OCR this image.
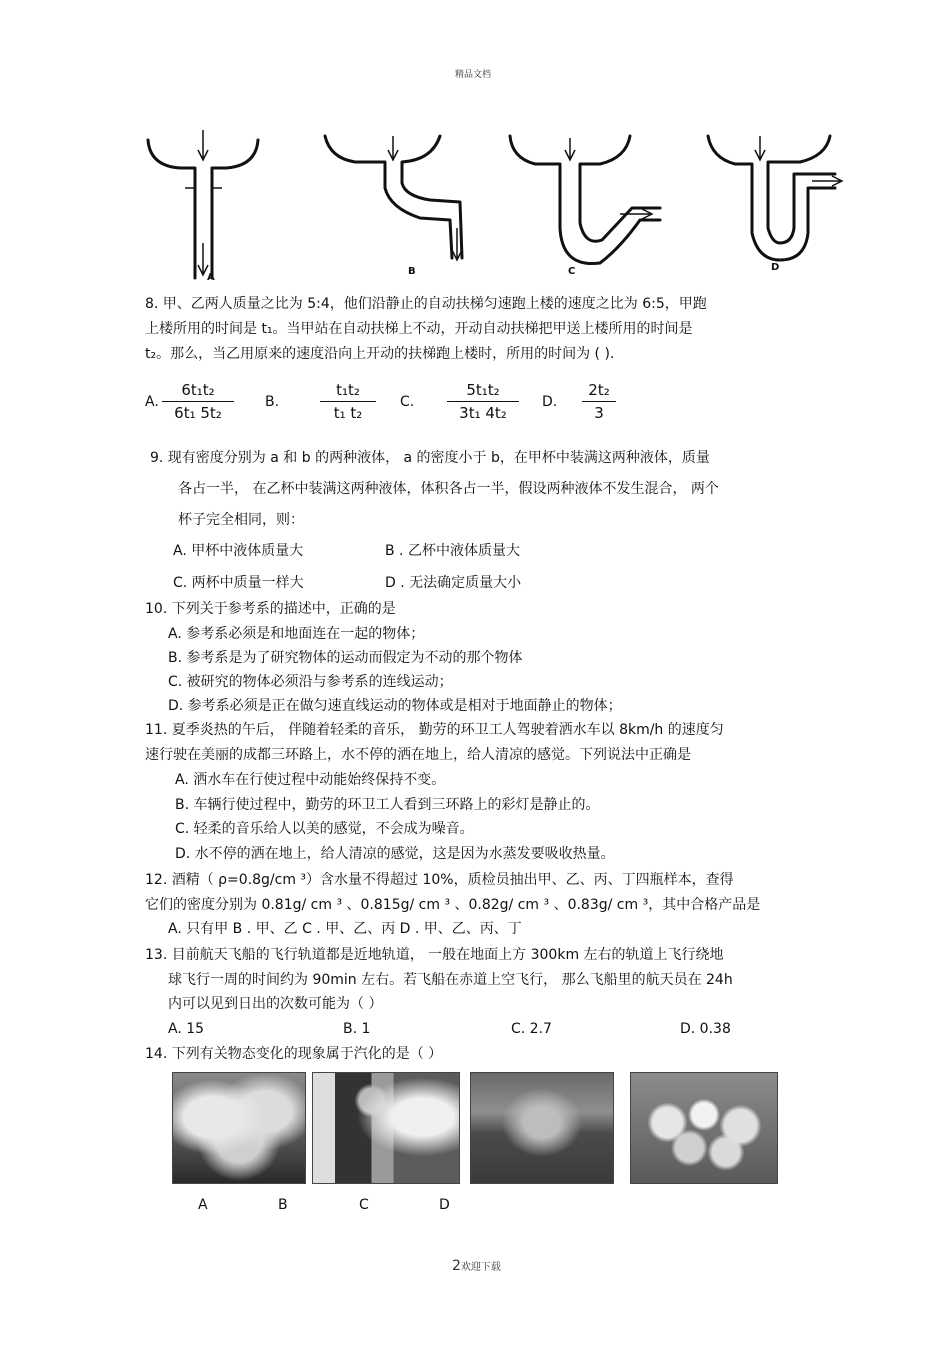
精品文档
A
B	C	D
8. 甲、乙两人质量之比为 5:4，他们沿静止的自动扶梯匀速跑上楼的速度之比为 6:5，甲跑
上楼所用的时间是 t₁。当甲站在自动扶梯上不动，开动自动扶梯把甲送上楼所用的时间是
t₂。那么，当乙用原来的速度沿向上开动的扶梯跑上楼时，所用的时间为 ( ).
A.
6t₁t₂
6t₁ 5t₂
B.
t₁t₂
t₁ t₂
C.
5t₁t₂
3t₁ 4t₂
D.
2t₂
3
9. 现有密度分别为 a 和 b 的两种液体， a 的密度小于 b，在甲杯中装满这两种液体，质量
各占一半， 在乙杯中装满这两种液体，体积各占一半，假设两种液体不发生混合， 两个
杯子完全相同，则：
A. 甲杯中液体质量大	B . 乙杯中液体质量大
C. 两杯中质量一样大	D . 无法确定质量大小
10. 下列关于参考系的描述中，正确的是
A. 参考系必须是和地面连在一起的物体；
B. 参考系是为了研究物体的运动而假定为不动的那个物体
C. 被研究的物体必须沿与参考系的连线运动；
D. 参考系必须是正在做匀速直线运动的物体或是相对于地面静止的物体；
11. 夏季炎热的午后， 伴随着轻柔的音乐， 勤劳的环卫工人驾驶着洒水车以 8km/h 的速度匀
速行驶在美丽的成都三环路上，水不停的洒在地上，给人清凉的感觉。下列说法中正确是
A. 洒水车在行使过程中动能始终保持不变。
B. 车辆行使过程中，勤劳的环卫工人看到三环路上的彩灯是静止的。
C. 轻柔的音乐给人以美的感觉，不会成为噪音。
D. 水不停的洒在地上，给人清凉的感觉，这是因为水蒸发要吸收热量。
12. 酒精（ ρ=0.8g/cm ³）含水量不得超过 10%，质检员抽出甲、乙、丙、丁四瓶样本，查得
它们的密度分别为 0.81g/ cm ³ 、0.815g/ cm ³ 、0.82g/ cm ³ 、0.83g/ cm ³，其中合格产品是
A. 只有甲 B . 甲、乙 C . 甲、乙、丙 D . 甲、乙、丙、丁
13. 目前航天飞船的飞行轨道都是近地轨道， 一般在地面上方 300km 左右的轨道上飞行绕地
球飞行一周的时间约为 90min 左右。若飞船在赤道上空飞行， 那么飞船里的航天员在 24h
内可以见到日出的次数可能为（ ）
A. 15	B. 1	C. 2.7	D. 0.38
14. 下列有关物态变化的现象属于汽化的是（ ）
A	B	C	D
2欢迎下载
